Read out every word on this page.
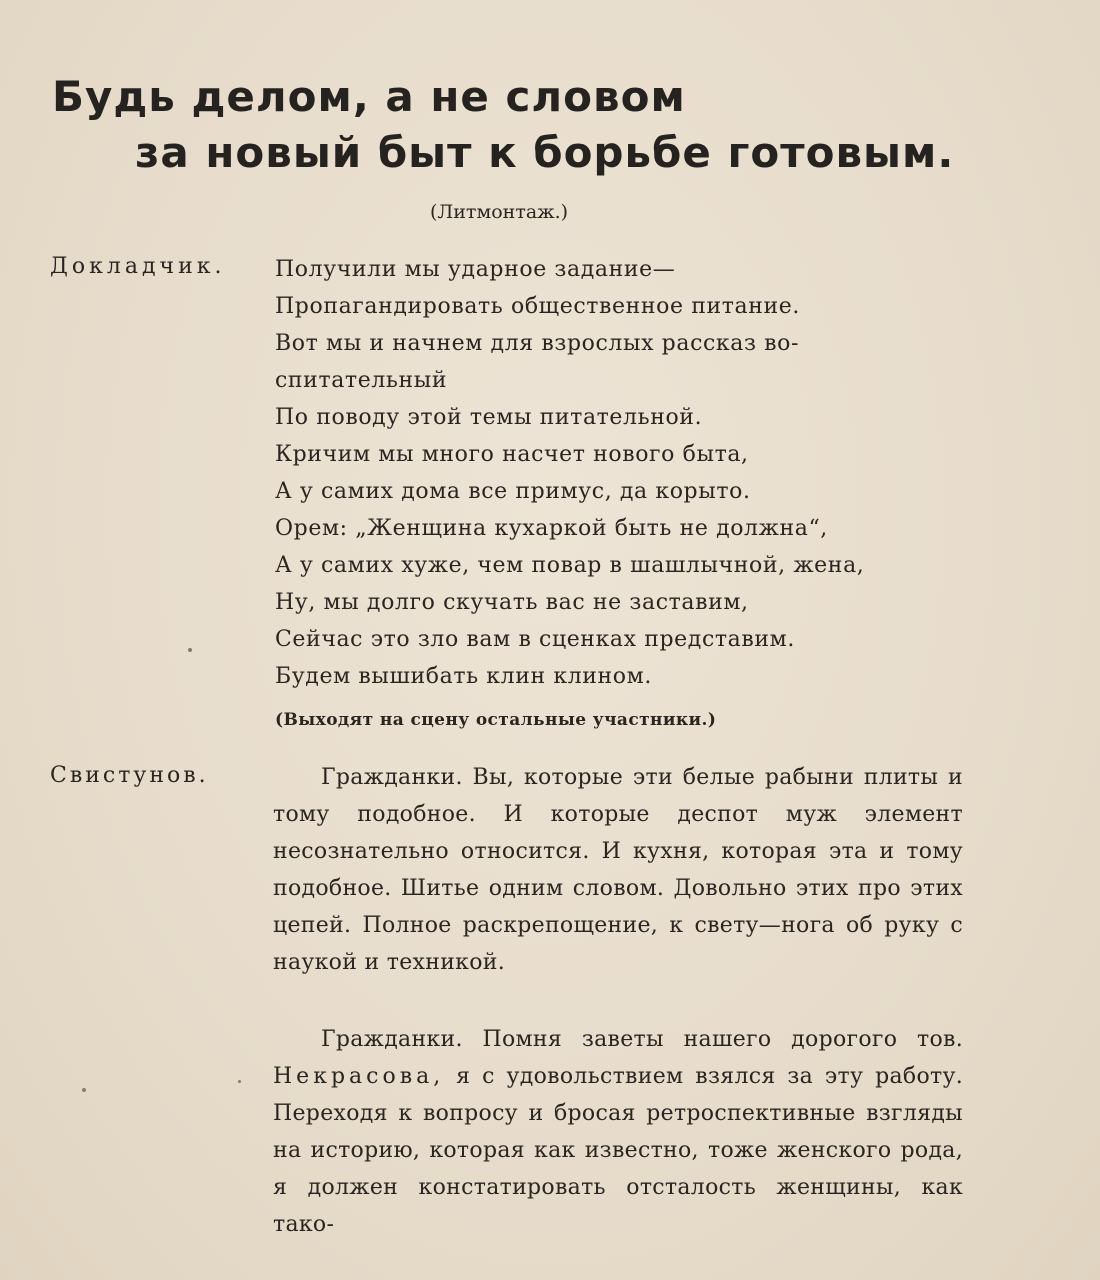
Будь делом, а не словом
за новый быт к борьбе готовым.
(Литмонтаж.)
Докладчик. Получили мы ударное задание—
Пропагандировать общественное питание.
Вот мы и начнем для взрослых рассказ во-
спитательный
По поводу этой темы питательной.
Кричим мы много насчет нового быта,
А у самих дома все примус, да корыто.
Орем: „Женщина кухаркой быть не должна“,
А у самих хуже, чем повар в шашлычной, жена,
Ну, мы долго скучать вас не заставим,
Сейчас это зло вам в сценках представим.
Будем вышибать клин клином.
(Выходят на сцену остальные участники.)
Свистунов.	Гражданки. Вы, которые эти белые рабыни плиты и тому подобное. И которые деспот муж элемент несознательно относится. И кухня, которая эта и тому подобное. Шитье одним словом. Довольно этих про этих цепей. Полное раскрепощение, к свету—нога об руку с наукой и техникой.

Гражданки. Помня заветы нашего дорогого тов. Некрасова, я с удовольствием взялся за эту работу. Переходя к вопросу и бросая ретроспективные взгляды на историю, которая как известно, тоже женского рода, я должен констатировать отсталость женщины, как тако-
